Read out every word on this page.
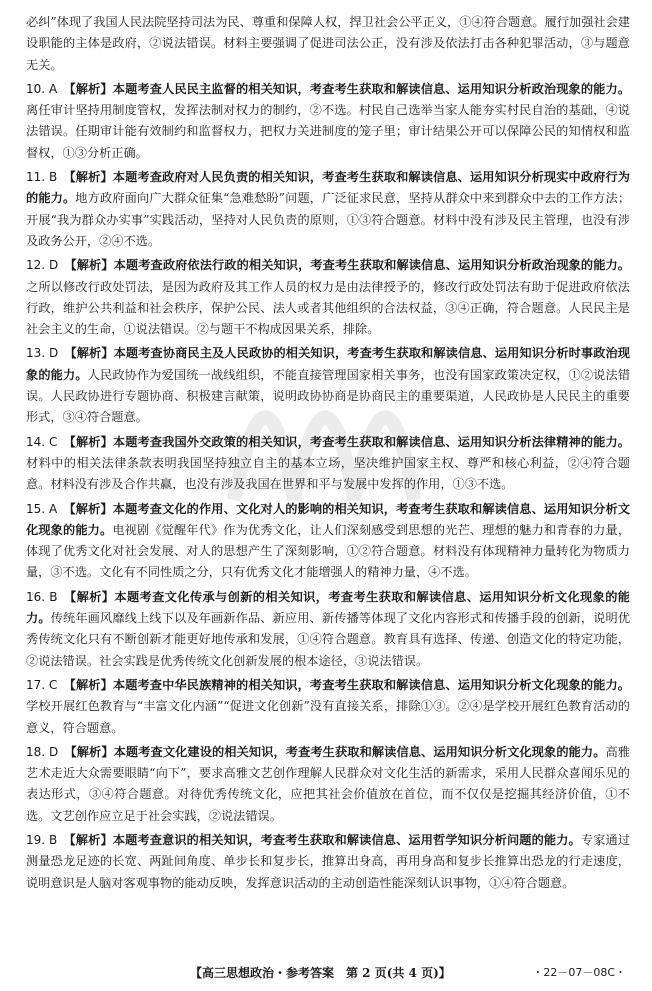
必纠”体现了我国人民法院坚持司法为民、尊重和保障人权，捍卫社会公平正义，①④符合题意。履行加强社会建设职能的主体是政府，②说法错误。材料主要强调了促进司法公正，没有涉及依法打击各种犯罪活动，③与题意无关。

10. A  【解析】本题考查人民民主监督的相关知识，考查考生获取和解读信息、运用知识分析政治现象的能力。离任审计坚持用制度管权，发挥法制对权力的制约，②不选。村民自己选举当家人能夯实村民自治的基础，④说法错误。任期审计能有效制约和监督权力，把权力关进制度的笼子里；审计结果公开可以保障公民的知情权和监督权，①③分析正确。

11. B  【解析】本题考查政府对人民负责的相关知识，考查考生获取和解读信息、运用知识分析现实中政府行为的能力。地方政府面向广大群众征集“急难愁盼”问题，广泛征求民意，坚持从群众中来到群众中去的工作方法；开展“我为群众办实事”实践活动，坚持对人民负责的原则，①③符合题意。材料中没有涉及民主管理，也没有涉及政务公开，②④不选。

12. D  【解析】本题考查政府依法行政的相关知识，考查考生获取和解读信息、运用知识分析政治现象的能力。之所以修改行政处罚法，是因为政府及其工作人员的权力是由法律授予的，修改行政处罚法有助于促进政府依法行政，维护公共利益和社会秩序，保护公民、法人或者其他组织的合法权益，③④正确，符合题意。人民民主是社会主义的生命，①说法错误。②与题干不构成因果关系，排除。

13. D  【解析】本题考查协商民主及人民政协的相关知识，考查考生获取和解读信息、运用知识分析时事政治现象的能力。人民政协作为爱国统一战线组织，不能直接管理国家相关事务，也没有国家政策决定权，①②说法错误。人民政协进行专题协商、积极建言献策，说明政协协商是协商民主的重要渠道，人民政协是人民民主的重要形式，③④符合题意。

14. C  【解析】本题考查我国外交政策的相关知识，考查考生获取和解读信息、运用知识分析法律精神的能力。材料中的相关法律条款表明我国坚持独立自主的基本立场，坚决维护国家主权、尊严和核心利益，②④符合题意。材料没有涉及合作共赢，也没有涉及我国在世界和平与发展中发挥的作用，①③不选。

15. A  【解析】本题考查文化的作用、文化对人的影响的相关知识，考查考生获取和解读信息、运用知识分析文化现象的能力。电视剧《觉醒年代》作为优秀文化，让人们深刻感受到思想的光芒、理想的魅力和青春的力量，体现了优秀文化对社会发展、对人的思想产生了深刻影响，①②符合题意。材料没有体现精神力量转化为物质力量，③不选。文化有不同性质之分，只有优秀文化才能增强人的精神力量，④不选。

16. B  【解析】本题考查文化传承与创新的相关知识，考查考生获取和解读信息、运用知识分析文化现象的能力。传统年画风靡线上线下以及年画新作品、新应用、新传播等体现了文化内容形式和传播手段的创新，说明优秀传统文化只有不断创新才能更好地传承和发展，①④符合题意。教育具有选择、传递、创造文化的特定功能，②说法错误。社会实践是优秀传统文化创新发展的根本途径，③说法错误。

17. C  【解析】本题考查中华民族精神的相关知识，考查考生获取和解读信息、运用知识分析文化现象的能力。学校开展红色教育与“丰富文化内涵”“促进文化创新”没有直接关系，排除①③。②④是学校开展红色教育活动的意义，符合题意。

18. D  【解析】本题考查文化建设的相关知识，考查考生获取和解读信息、运用知识分析文化现象的能力。高雅艺术走近大众需要眼睛“向下”，要求高雅文艺创作理解人民群众对文化生活的新需求，采用人民群众喜闻乐见的表达形式，③④符合题意。对待优秀传统文化，应把其社会价值放在首位，而不仅仅是挖掘其经济价值，①不选。文艺创作应立足于社会实践，②说法错误。

19. B  【解析】本题考查意识的相关知识，考查考生获取和解读信息、运用哲学知识分析问题的能力。专家通过测量恐龙足迹的长宽、两趾间角度、单步长和复步长，推算出身高，再用身高和复步长推算出恐龙的行走速度，说明意识是人脑对客观事物的能动反映，发挥意识活动的主动创造性能深刻认识事物，①④符合题意。

【高三思想政治・参考答案　第 2 页(共 4 页)】	・22－07－08C・
